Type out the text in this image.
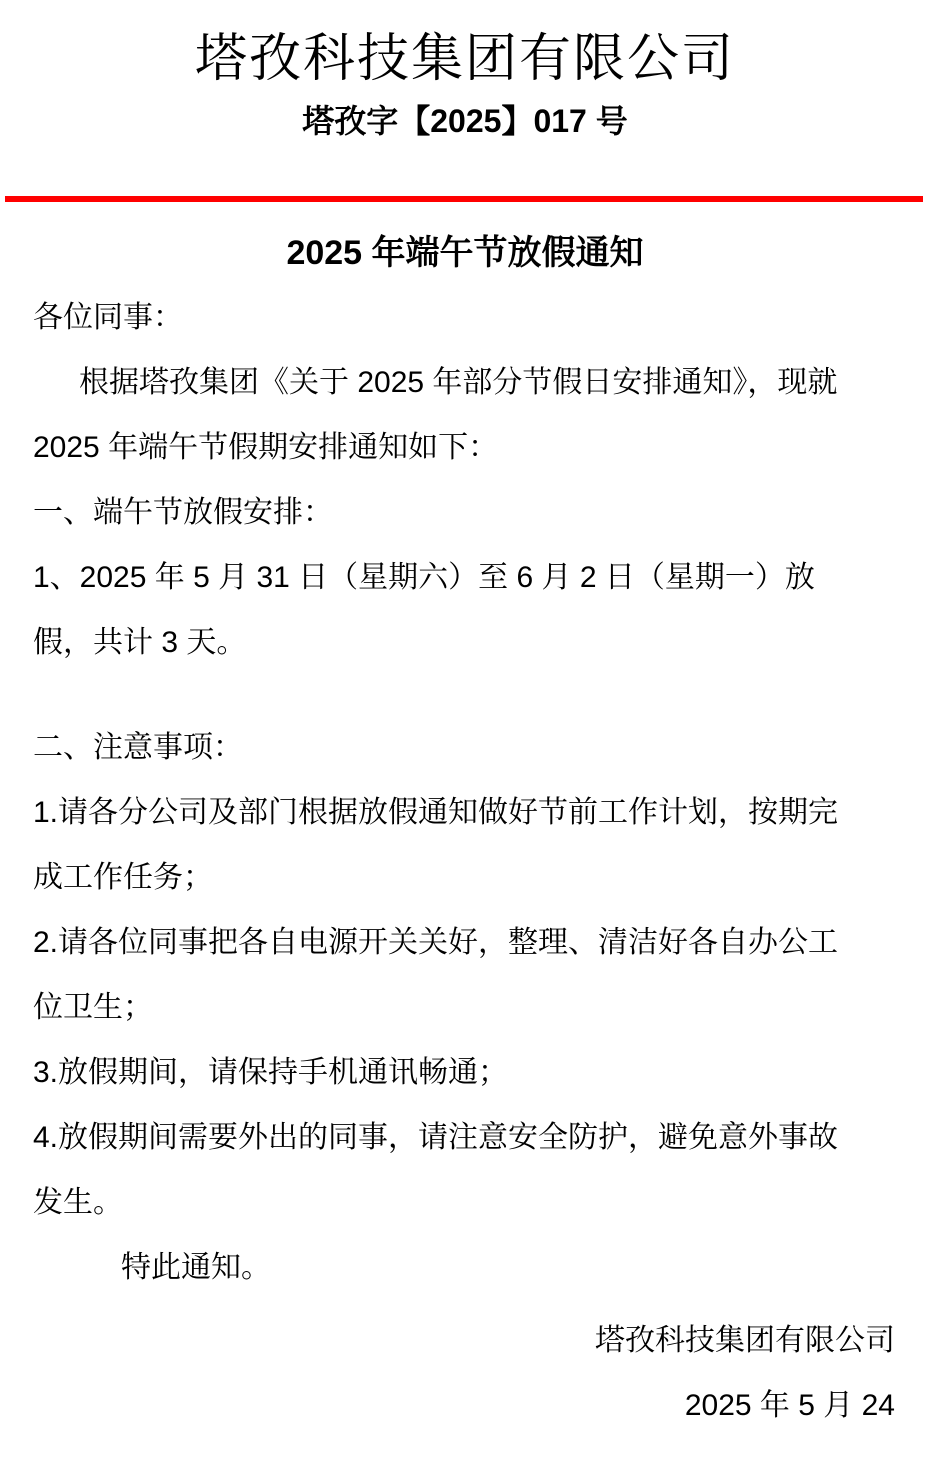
塔孜科技集团有限公司
塔孜字【2025】017 号
2025 年端午节放假通知

各位同事：

根据塔孜集团《关于 2025 年部分节假日安排通知》，现就

2025 年端午节假期安排通知如下：

一、端午节放假安排：

1、2025 年 5 月 31 日（星期六）至 6 月 2 日（星期一）放

假，共计 3 天。

二、注意事项：

1.请各分公司及部门根据放假通知做好节前工作计划，按期完

成工作任务；

2.请各位同事把各自电源开关关好，整理、清洁好各自办公工

位卫生；

3.放假期间，请保持手机通讯畅通；

4.放假期间需要外出的同事，请注意安全防护，避免意外事故

发生。

特此通知。

塔孜科技集团有限公司

2025 年 5 月 24
